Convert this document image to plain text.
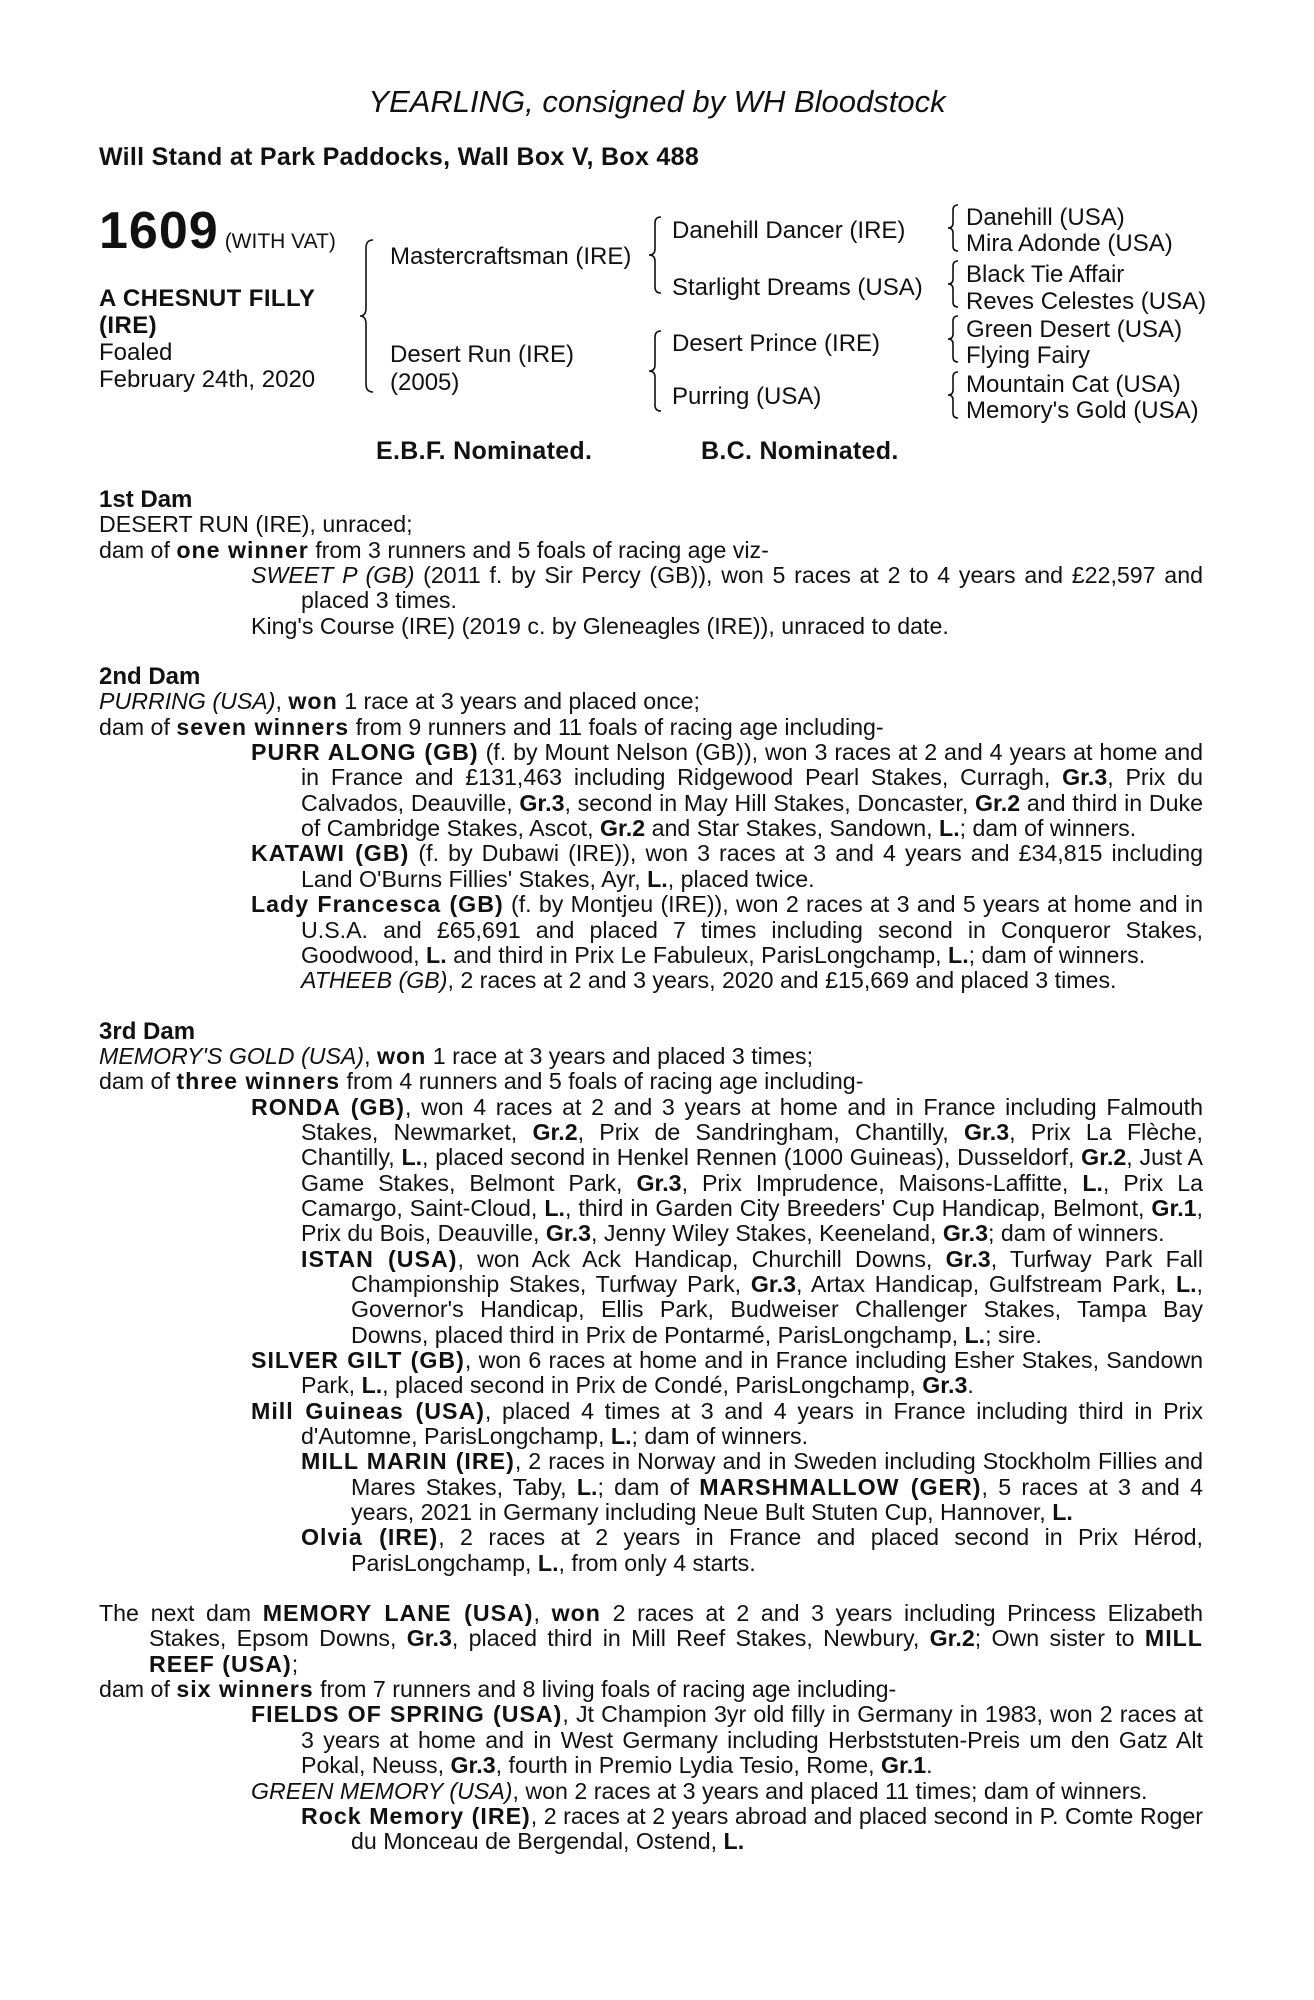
YEARLING, consigned by WH Bloodstock
Will Stand at Park Paddocks, Wall Box V, Box 488
1609 (WITH VAT)
A CHESNUT FILLY
(IRE)
Foaled
February 24th, 2020
Mastercraftsman (IRE)
Desert Run (IRE)
(2005)
Danehill Dancer (IRE)
Starlight Dreams (USA)
Desert Prince (IRE)
Purring (USA)
Danehill (USA)
Mira Adonde (USA)
Black Tie Affair
Reves Celestes (USA)
Green Desert (USA)
Flying Fairy
Mountain Cat (USA)
Memory's Gold (USA)
E.B.F. Nominated.	B.C. Nominated.

1st Dam

DESERT RUN (IRE), unraced;

dam of one winner from 3 runners and 5 foals of racing age viz-

SWEET P (GB) (2011 f. by Sir Percy (GB)), won 5 races at 2 to 4 years and £22,597 and placed 3 times.

King's Course (IRE) (2019 c. by Gleneagles (IRE)), unraced to date.

2nd Dam

PURRING (USA), won 1 race at 3 years and placed once;

dam of seven winners from 9 runners and 11 foals of racing age including-

PURR ALONG (GB) (f. by Mount Nelson (GB)), won 3 races at 2 and 4 years at home and in France and £131,463 including Ridgewood Pearl Stakes, Curragh, Gr.3, Prix du Calvados, Deauville, Gr.3, second in May Hill Stakes, Doncaster, Gr.2 and third in Duke of Cambridge Stakes, Ascot, Gr.2 and Star Stakes, Sandown, L.; dam of winners.

KATAWI (GB) (f. by Dubawi (IRE)), won 3 races at 3 and 4 years and £34,815 including Land O'Burns Fillies' Stakes, Ayr, L., placed twice.

Lady Francesca (GB) (f. by Montjeu (IRE)), won 2 races at 3 and 5 years at home and in U.S.A. and £65,691 and placed 7 times including second in Conqueror Stakes, Goodwood, L. and third in Prix Le Fabuleux, ParisLongchamp, L.; dam of winners.

ATHEEB (GB), 2 races at 2 and 3 years, 2020 and £15,669 and placed 3 times.

3rd Dam

MEMORY'S GOLD (USA), won 1 race at 3 years and placed 3 times;

dam of three winners from 4 runners and 5 foals of racing age including-

RONDA (GB), won 4 races at 2 and 3 years at home and in France including Falmouth Stakes, Newmarket, Gr.2, Prix de Sandringham, Chantilly, Gr.3, Prix La Flèche, Chantilly, L., placed second in Henkel Rennen (1000 Guineas), Dusseldorf, Gr.2, Just A Game Stakes, Belmont Park, Gr.3, Prix Imprudence, Maisons-Laffitte, L., Prix La Camargo, Saint-Cloud, L., third in Garden City Breeders' Cup Handicap, Belmont, Gr.1, Prix du Bois, Deauville, Gr.3, Jenny Wiley Stakes, Keeneland, Gr.3; dam of winners.

ISTAN (USA), won Ack Ack Handicap, Churchill Downs, Gr.3, Turfway Park Fall Championship Stakes, Turfway Park, Gr.3, Artax Handicap, Gulfstream Park, L., Governor's Handicap, Ellis Park, Budweiser Challenger Stakes, Tampa Bay Downs, placed third in Prix de Pontarmé, ParisLongchamp, L.; sire.

SILVER GILT (GB), won 6 races at home and in France including Esher Stakes, Sandown Park, L., placed second in Prix de Condé, ParisLongchamp, Gr.3.

Mill Guineas (USA), placed 4 times at 3 and 4 years in France including third in Prix d'Automne, ParisLongchamp, L.; dam of winners.

MILL MARIN (IRE), 2 races in Norway and in Sweden including Stockholm Fillies and Mares Stakes, Taby, L.; dam of MARSHMALLOW (GER), 5 races at 3 and 4 years, 2021 in Germany including Neue Bult Stuten Cup, Hannover, L.

Olvia (IRE), 2 races at 2 years in France and placed second in Prix Hérod, ParisLongchamp, L., from only 4 starts.

The next dam MEMORY LANE (USA), won 2 races at 2 and 3 years including Princess Elizabeth Stakes, Epsom Downs, Gr.3, placed third in Mill Reef Stakes, Newbury, Gr.2; Own sister to MILL REEF (USA);

dam of six winners from 7 runners and 8 living foals of racing age including-

FIELDS OF SPRING (USA), Jt Champion 3yr old filly in Germany in 1983, won 2 races at 3 years at home and in West Germany including Herbststuten-Preis um den Gatz Alt Pokal, Neuss, Gr.3, fourth in Premio Lydia Tesio, Rome, Gr.1.

GREEN MEMORY (USA), won 2 races at 3 years and placed 11 times; dam of winners.

Rock Memory (IRE), 2 races at 2 years abroad and placed second in P. Comte Roger du Monceau de Bergendal, Ostend, L.
